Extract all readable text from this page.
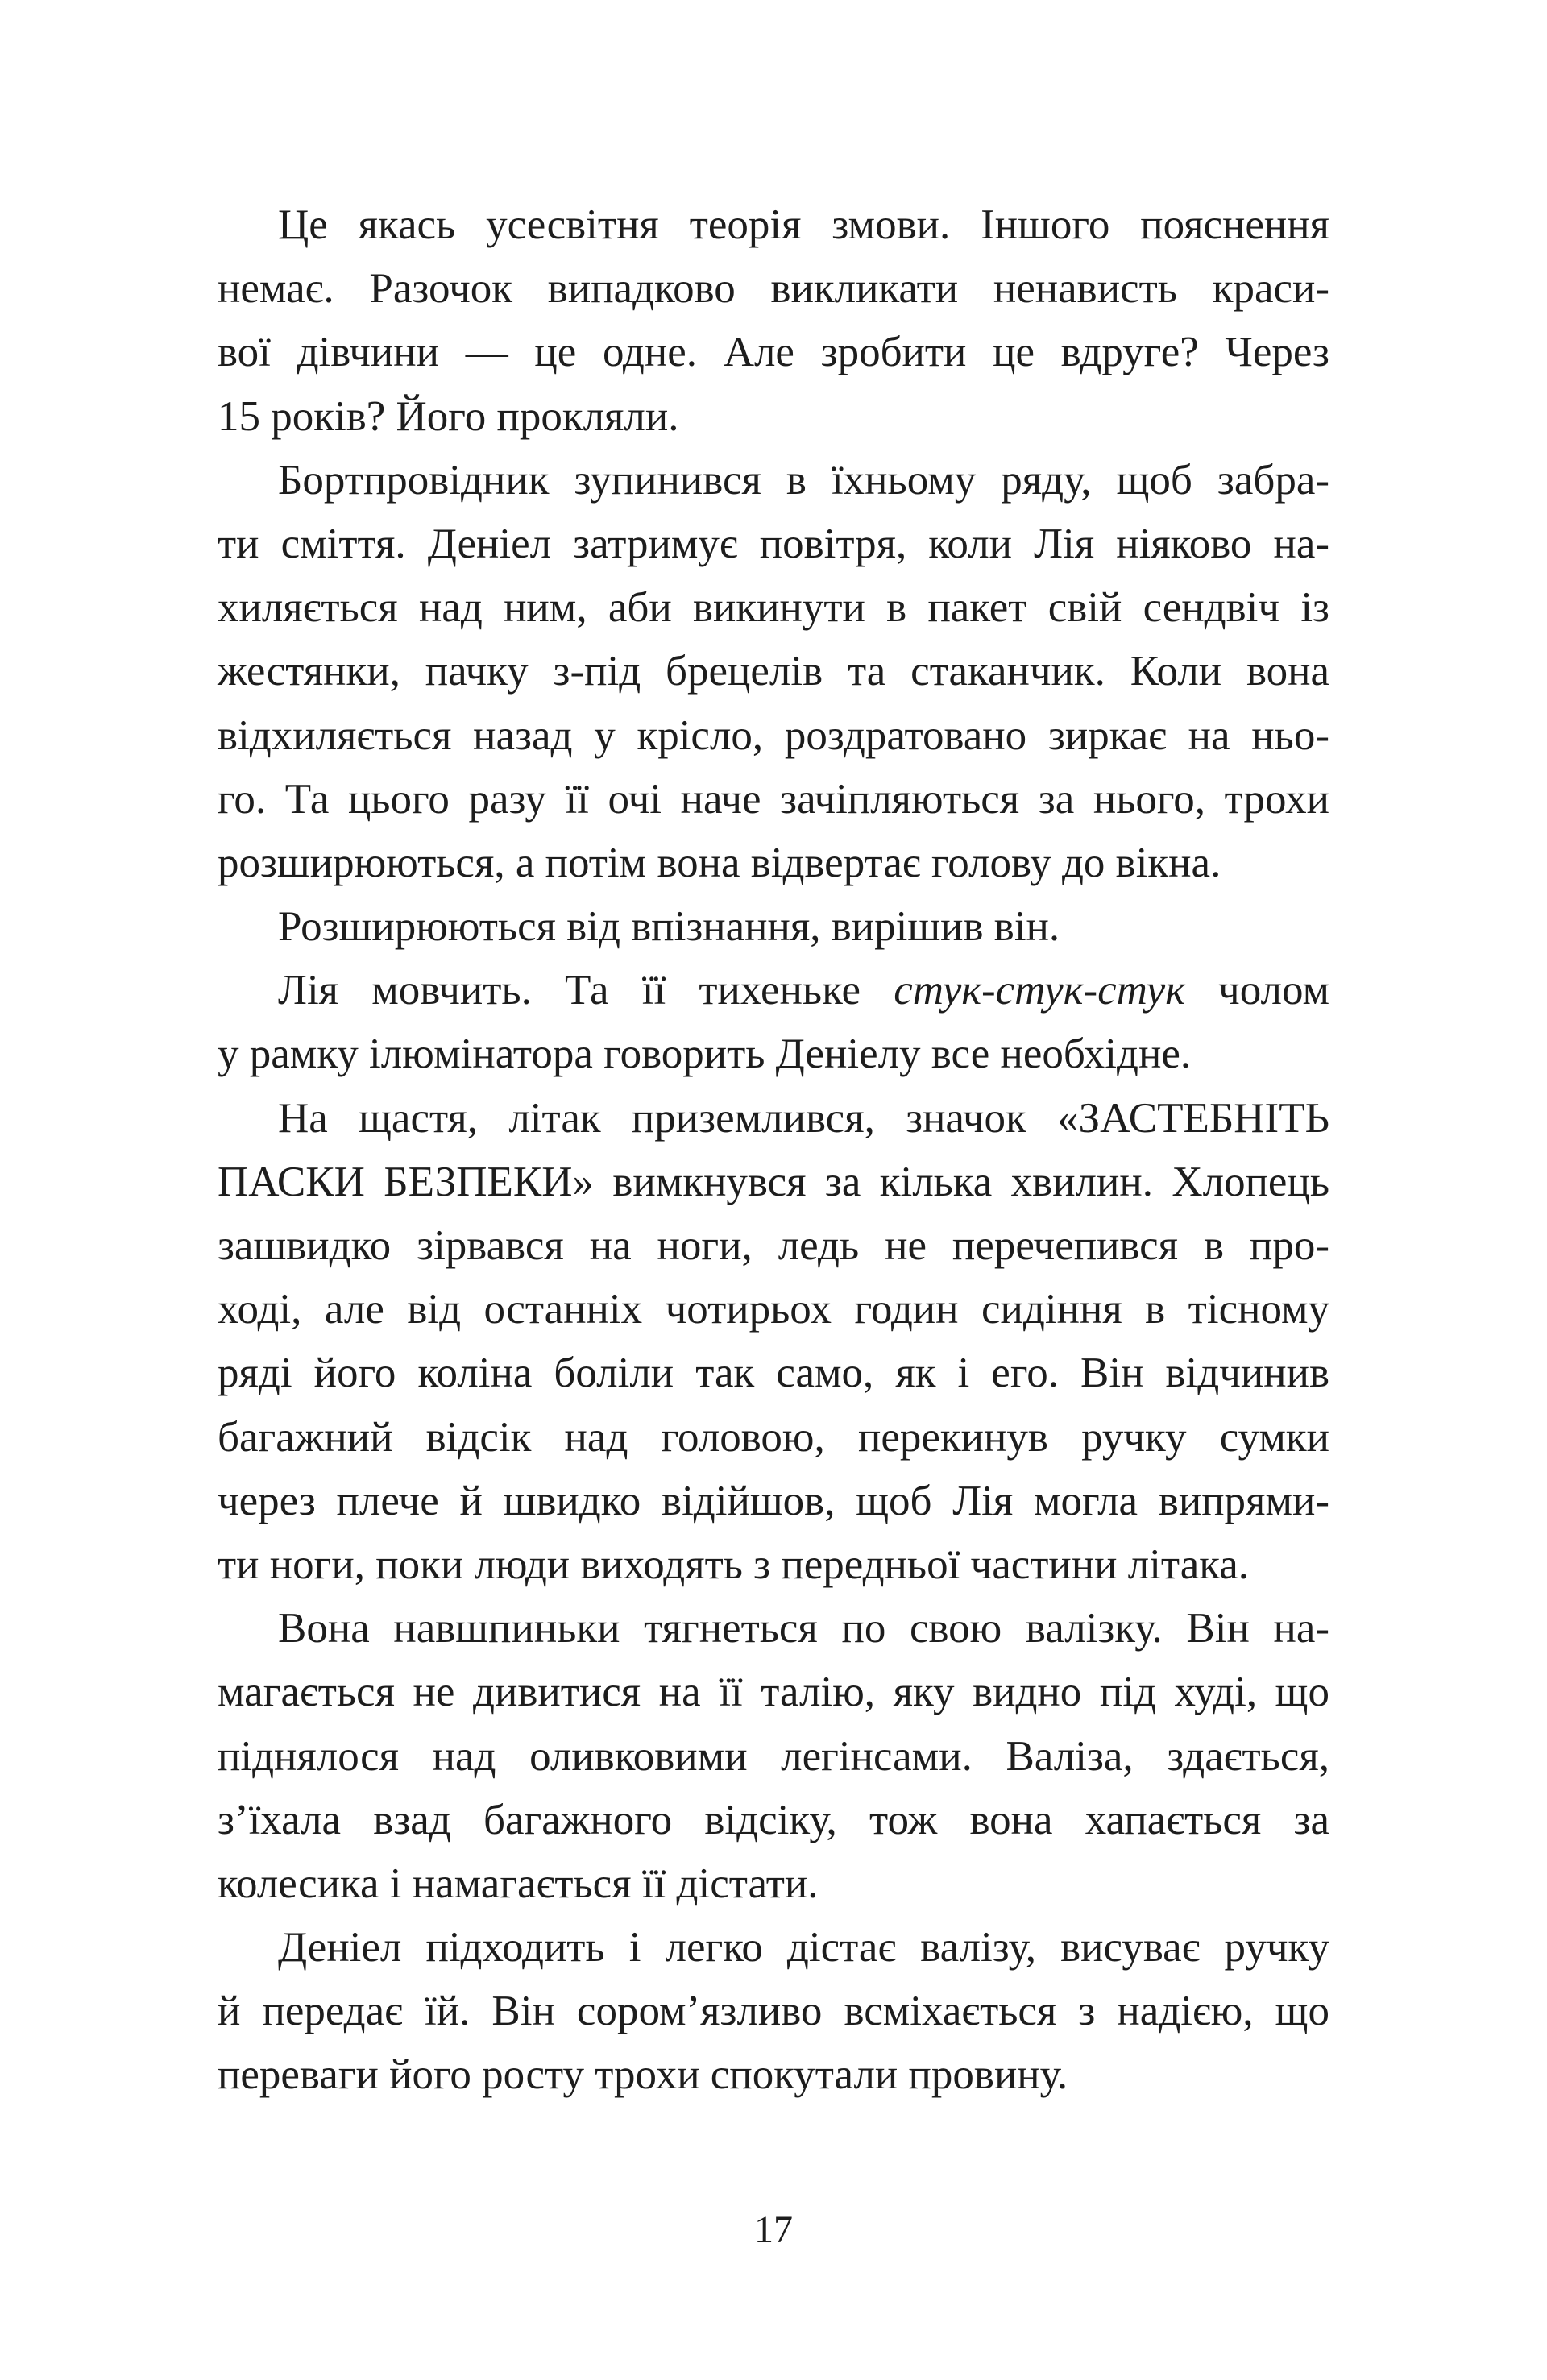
Це якась усесвітня теорія змови. Іншого пояснення
немає. Разочок випадково викликати ненависть краси-
вої дівчини — це одне. Але зробити це вдруге? Через
15 років? Його прокляли.
Бортпровідник зупинився в їхньому ряду, щоб забра-
ти сміття. Деніел затримує повітря, коли Лія ніяково на-
хиляється над ним, аби викинути в пакет свій сендвіч із
жестянки, пачку з-під брецелів та стаканчик. Коли вона
відхиляється назад у крісло, роздратовано зиркає на ньо-
го. Та цього разу її очі наче зачіпляються за нього, трохи
розширюються, а потім вона відвертає голову до вікна.
Розширюються від впізнання, вирішив він.
Лія мовчить. Та її тихеньке стук-стук-стук чолом
у рамку ілюмінатора говорить Деніелу все необхідне.
На щастя, літак приземлився, значок «ЗАСТЕБНІТЬ
ПАСКИ БЕЗПЕКИ» вимкнувся за кілька хвилин. Хлопець
зашвидко зірвався на ноги, ледь не перечепився в про-
ході, але від останніх чотирьох годин сидіння в тісному
ряді його коліна боліли так само, як і его. Він відчинив
багажний відсік над головою, перекинув ручку сумки
через плече й швидко відійшов, щоб Лія могла випрями-
ти ноги, поки люди виходять з передньої частини літака.
Вона навшпиньки тягнеться по свою валізку. Він на-
магається не дивитися на її талію, яку видно під худі, що
піднялося над оливковими легінсами. Валіза, здається,
з’їхала взад багажного відсіку, тож вона хапається за
колесика і намагається її дістати.
Деніел підходить і легко дістає валізу, висуває ручку
й передає їй. Він сором’язливо всміхається з надією, що
переваги його росту трохи спокутали провину.
17
